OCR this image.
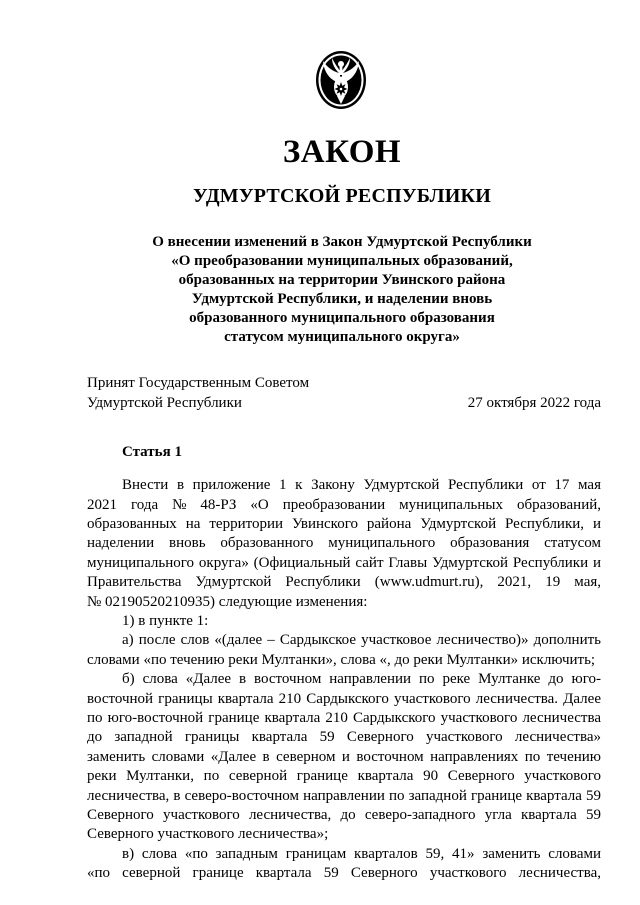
ЗАКОН
УДМУРТСКОЙ РЕСПУБЛИКИ
О внесении изменений в Закон Удмуртской Республики
«О преобразовании муниципальных образований,
образованных на территории Увинского района
Удмуртской Республики, и наделении вновь
образованного муниципального образования
статусом муниципального округа»
Принят Государственным Советом
Удмуртской Республики	27 октября 2022 года
Статья 1
Внести в приложение 1 к Закону Удмуртской Республики от 17 мая
2021 года № 48-РЗ «О преобразовании муниципальных образований,
образованных на территории Увинского района Удмуртской Республики, и
наделении вновь образованного муниципального образования статусом
муниципального округа» (Официальный сайт Главы Удмуртской Республики и
Правительства Удмуртской Республики (www.udmurt.ru), 2021, 19 мая,
№ 02190520210935) следующие изменения:
1) в пункте 1:
а) после слов «(далее – Сардыкское участковое лесничество)» дополнить
словами «по течению реки Мултанки», слова «, до реки Мултанки» исключить;
б) слова «Далее в восточном направлении по реке Мултанке до юго-
восточной границы квартала 210 Сардыкского участкового лесничества. Далее
по юго-восточной границе квартала 210 Сардыкского участкового лесничества
до западной границы квартала 59 Северного участкового лесничества»
заменить словами «Далее в северном и восточном направлениях по течению
реки Мултанки, по северной границе квартала 90 Северного участкового
лесничества, в северо-восточном направлении по западной границе квартала 59
Северного участкового лесничества, до северо-западного угла квартала 59
Северного участкового лесничества»;
в) слова «по западным границам кварталов 59, 41» заменить словами
«по северной границе квартала 59 Северного участкового лесничества,
